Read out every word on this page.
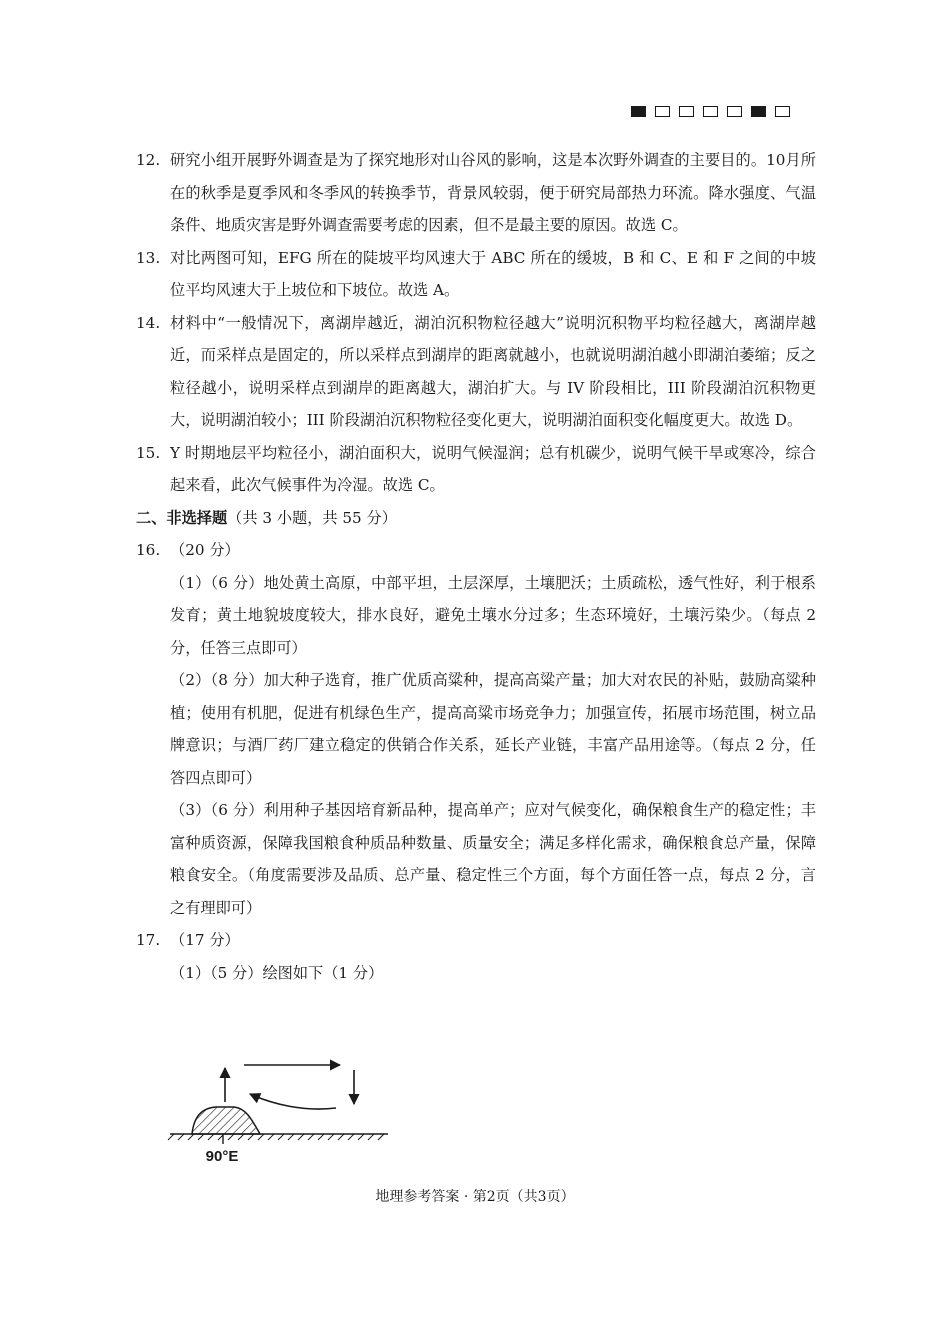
12. 研究小组开展野外调查是为了探究地形对山谷风的影响，这是本次野外调查的主要目的。10月所在的秋季是夏季风和冬季风的转换季节，背景风较弱，便于研究局部热力环流。降水强度、气温条件、地质灾害是野外调查需要考虑的因素，但不是最主要的原因。故选 C。
13. 对比两图可知，EFG 所在的陡坡平均风速大于 ABC 所在的缓坡，B 和 C、E 和 F 之间的中坡位平均风速大于上坡位和下坡位。故选 A。
14. 材料中“一般情况下，离湖岸越近，湖泊沉积物粒径越大”说明沉积物平均粒径越大，离湖岸越近，而采样点是固定的，所以采样点到湖岸的距离就越小，也就说明湖泊越小即湖泊萎缩；反之粒径越小，说明采样点到湖岸的距离越大，湖泊扩大。与 IV 阶段相比，III 阶段湖泊沉积物更大，说明湖泊较小；III 阶段湖泊沉积物粒径变化更大，说明湖泊面积变化幅度更大。故选 D。
15. Y 时期地层平均粒径小，湖泊面积大，说明气候湿润；总有机碳少，说明气候干旱或寒冷，综合起来看，此次气候事件为冷湿。故选 C。
二、非选择题（共 3 小题，共 55 分）
16. （20 分）
（1）（6 分）地处黄土高原，中部平坦，土层深厚，土壤肥沃；土质疏松，透气性好，利于根系发育；黄土地貌坡度较大，排水良好，避免土壤水分过多；生态环境好，土壤污染少。（每点 2 分，任答三点即可）
（2）（8 分）加大种子选育，推广优质高粱种，提高高粱产量；加大对农民的补贴，鼓励高粱种植；使用有机肥，促进有机绿色生产，提高高粱市场竞争力；加强宣传，拓展市场范围，树立品牌意识；与酒厂药厂建立稳定的供销合作关系，延长产业链，丰富产品用途等。（每点 2 分，任答四点即可）
（3）（6 分）利用种子基因培育新品种，提高单产；应对气候变化，确保粮食生产的稳定性；丰富种质资源，保障我国粮食种质品种数量、质量安全；满足多样化需求，确保粮食总产量，保障粮食安全。（角度需要涉及品质、总产量、稳定性三个方面，每个方面任答一点，每点 2 分，言之有理即可）
17. （17 分）
（1）（5 分）绘图如下（1 分）
90°E
地理参考答案 · 第2页（共3页）
